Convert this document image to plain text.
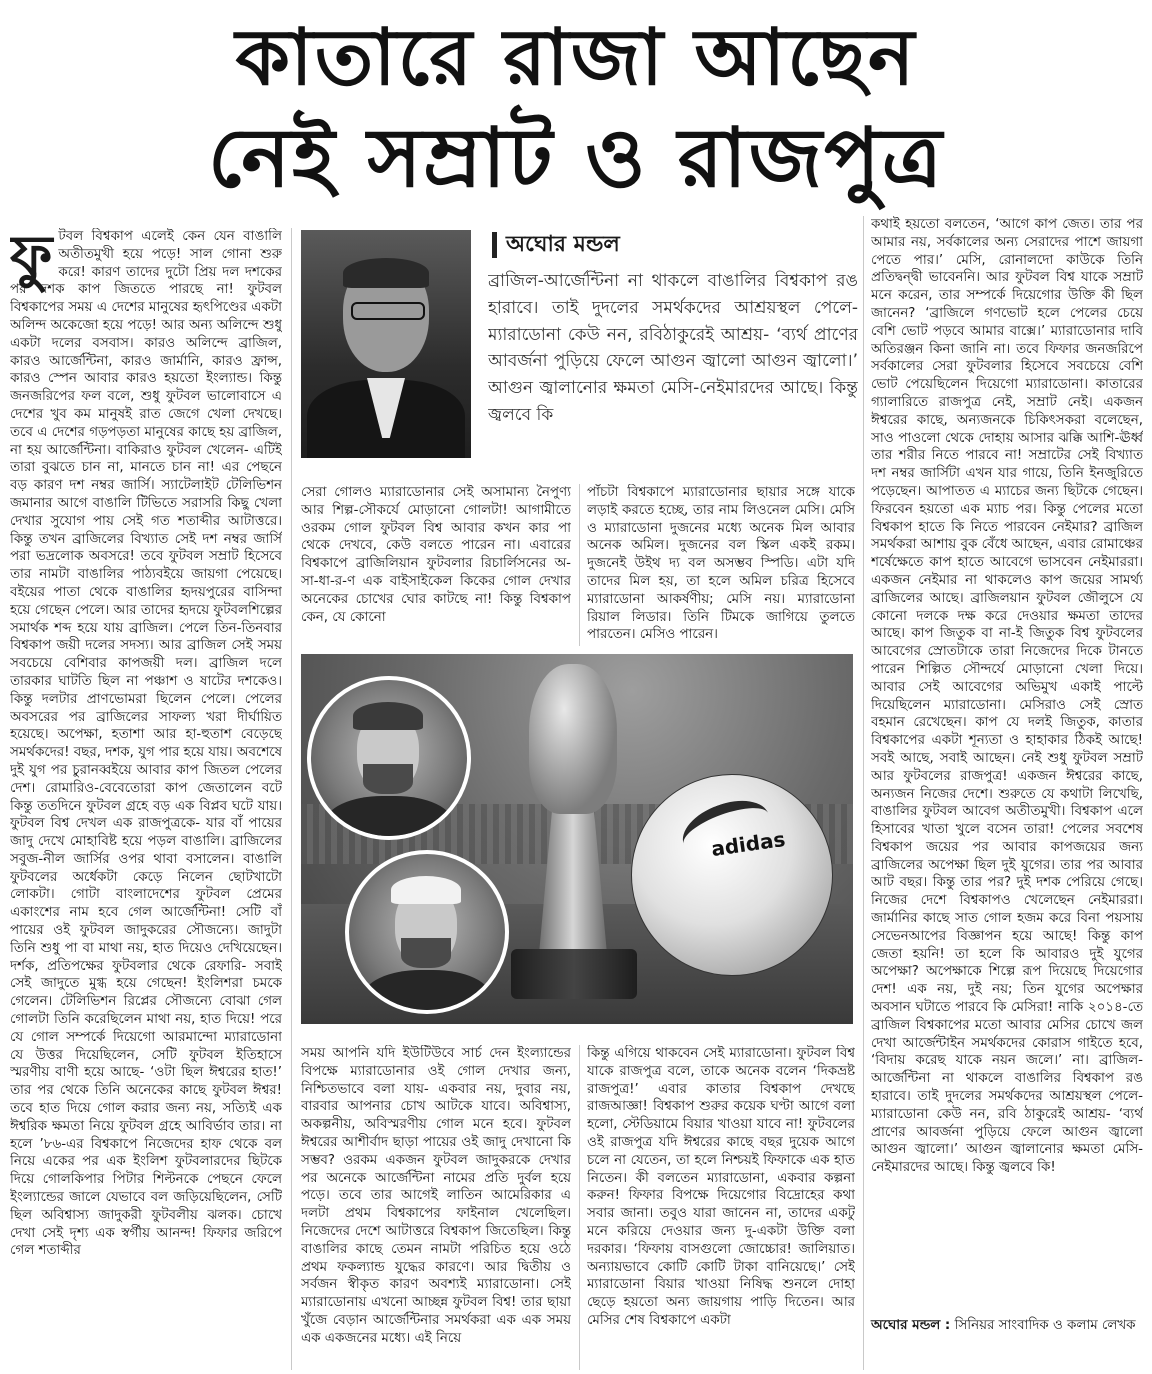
কাতারে রাজা আছেন
নেই সম্রাট ও রাজপুত্র
ফু টবল বিশ্বকাপ এলেই কেন যেন বাঙালি অতীতমুখী হয়ে পড়ে! সাল গোনা শুরু করে! কারণ তাদের দুটো প্রিয় দল দশকের পর দশক কাপ জিততে পারছে না! ফুটবল বিশ্বকাপের সময় এ দেশের মানুষের হৃৎপিণ্ডের একটা অলিন্দ অকেজো হয়ে পড়ে! আর অন্য অলিন্দে শুধু একটা দলের বসবাস। কারও অলিন্দে ব্রাজিল, কারও আর্জেন্টিনা, কারও জার্মানি, কারও ফ্রান্স, কারও স্পেন আবার কারও হয়তো ইংল্যান্ড। কিন্তু জনজরিপের ফল বলে, শুধু ফুটবল ভালোবাসে এ দেশের খুব কম মানুষই রাত জেগে খেলা দেখছে। তবে এ দেশের গড়পড়তা মানুষের কাছে হয় ব্রাজিল, না হয় আর্জেন্টিনা। বাকিরাও ফুটবল খেলেন- এটিই তারা বুঝতে চান না, মানতে চান না! এর পেছনে বড় কারণ দশ নম্বর জার্সি। স্যাটেলাইট টেলিভিশন জমানার আগে বাঙালি টিভিতে সরাসরি কিছু খেলা দেখার সুযোগ পায় সেই গত শতাব্দীর আটাত্তরে। কিন্তু তখন ব্রাজিলের বিখ্যাত সেই দশ নম্বর জার্সি পরা ভদ্রলোক অবসরে! তবে ফুটবল সম্রাট হিসেবে তার নামটা বাঙালির পাঠ্যবইয়ে জায়গা পেয়েছে। বইয়ের পাতা থেকে বাঙালির হৃদয়পুরের বাসিন্দা হয়ে গেছেন পেলে। আর তাদের হৃদয়ে ফুটবলশিল্পের সমার্থক শব্দ হয়ে যায় ব্রাজিল। পেলে তিন-তিনবার বিশ্বকাপ জয়ী দলের সদস্য। আর ব্রাজিল সেই সময় সবচেয়ে বেশিবার কাপজয়ী দল। ব্রাজিল দলে তারকার ঘাটতি ছিল না পঞ্চাশ ও ষাটের দশকেও। কিন্তু দলটার প্রাণভোমরা ছিলেন পেলে। পেলের অবসরের পর ব্রাজিলের সাফল্য খরা দীর্ঘায়িত হয়েছে। অপেক্ষা, হতাশা আর হা-হুতাশ বেড়েছে সমর্থকদের! বছর, দশক, যুগ পার হয়ে যায়। অবশেষে দুই যুগ পর চুরানব্বইয়ে আবার কাপ জিতল পেলের দেশ। রোমারিও-বেবেতোরা কাপ জেতালেন বটে কিন্তু ততদিনে ফুটবল গ্রহে বড় এক বিপ্লব ঘটে যায়। ফুটবল বিশ্ব দেখল এক রাজপুত্রকে- যার বাঁ পায়ের জাদু দেখে মোহাবিষ্ট হয়ে পড়ল বাঙালি। ব্রাজিলের সবুজ-নীল জার্সির ওপর থাবা বসালেন। বাঙালি ফুটবলের অর্ধেকটা কেড়ে নিলেন ছোটখাটো লোকটা। গোটা বাংলাদেশের ফুটবল প্রেমের একাংশের নাম হবে গেল আর্জেন্টিনা! সেটি বাঁ পায়ের ওই ফুটবল জাদুকরের সৌজন্যে। জাদুটা তিনি শুধু পা বা মাথা নয়, হাত দিয়েও দেখিয়েছেন। দর্শক, প্রতিপক্ষের ফুটবলার থেকে রেফারি- সবাই সেই জাদুতে মুগ্ধ হয়ে গেছেন! ইংলিশরা চমকে গেলেন। টেলিভিশন রিপ্লের সৌজন্যে বোঝা গেল গোলটা তিনি করেছিলেন মাথা নয়, হাত দিয়ে! পরে যে গোল সম্পর্কে দিয়েগো আরমান্দো ম্যারাডোনা যে উত্তর দিয়েছিলেন, সেটি ফুটবল ইতিহাসে স্মরণীয় বাণী হয়ে আছে- ‘ওটা ছিল ঈশ্বরের হাত!’ তার পর থেকে তিনি অনেকের কাছে ফুটবল ঈশ্বর! তবে হাত দিয়ে গোল করার জন্য নয়, সত্যিই এক ঈশ্বরিক ক্ষমতা নিয়ে ফুটবল গ্রহে আবির্ভাব তার। না হলে ’৮৬-এর বিশ্বকাপে নিজেদের হাফ থেকে বল নিয়ে একের পর এক ইংলিশ ফুটবলারদের ছিটকে দিয়ে গোলকিপার পিটার শিল্টনকে পেছনে ফেলে ইংল্যান্ডের জালে যেভাবে বল জড়িয়েছিলেন, সেটি ছিল অবিশ্বাস্য জাদুকরী ফুটবলীয় ঝলক। চোখে দেখা সেই দৃশ্য এক স্বর্গীয় আনন্দ! ফিফার জরিপে গেল শতাব্দীর
অঘোর মন্ডল
ব্রাজিল-আর্জেন্টিনা না থাকলে বাঙালির বিশ্বকাপ রঙ হারাবে। তাই দুদলের সমর্থকদের আশ্রয়স্থল পেলে-ম্যারাডোনা কেউ নন, রবিঠাকুরেই আশ্রয়- ‘ব্যর্থ প্রাণের আবর্জনা পুড়িয়ে ফেলে আগুন জ্বালো আগুন জ্বালো।’ আগুন জ্বালানোর ক্ষমতা মেসি-নেইমারদের আছে। কিন্তু জ্বলবে কি
সেরা গোলও ম্যারাডোনার সেই অসামান্য নৈপুণ্য আর শিল্প-সৌকর্যে মোড়ানো গোলটা! আগামীতে ওরকম গোল ফুটবল বিশ্ব আবার কখন কার পা থেকে দেখবে, কেউ বলতে পারেন না। এবারের বিশ্বকাপে ব্রাজিলিয়ান ফুটবলার রিচার্লিসনের অ-সা-ধা-র-ণ এক বাইসাইকেল কিকের গোল দেখার অনেকের চোখের ঘোর কাটছে না! কিন্তু বিশ্বকাপ কেন, যে কোনো
পাঁচটা বিশ্বকাপে ম্যারাডোনার ছায়ার সঙ্গে যাকে লড়াই করতে হচ্ছে, তার নাম লিওনেল মেসি। মেসি ও ম্যারাডোনা দুজনের মধ্যে অনেক মিল আবার অনেক অমিল। দুজনের বল স্কিল একই রকম। দুজনেই উইথ দ্য বল অসম্ভব স্পিডি। এটা যদি তাদের মিল হয়, তা হলে অমিল চরিত্র হিসেবে ম্যারাডোনা আকর্ষণীয়; মেসি নয়। ম্যারাডোনা রিয়াল লিডার। তিনি টিমকে জাগিয়ে তুলতে পারতেন। মেসিও পারেন।
adidas
সময় আপনি যদি ইউটিউবে সার্চ দেন ইংল্যান্ডের বিপক্ষে ম্যারাডোনার ওই গোল দেখার জন্য, নিশ্চিতভাবে বলা যায়- একবার নয়, দুবার নয়, বারবার আপনার চোখ আটকে যাবে। অবিশ্বাস্য, অকল্পনীয়, অবিস্মরণীয় গোল মনে হবে। ফুটবল ঈশ্বরের আশীর্বাদ ছাড়া পায়ের ওই জাদু দেখানো কি সম্ভব? ওরকম একজন ফুটবল জাদুকরকে দেখার পর অনেকে আর্জেন্টিনা নামের প্রতি দুর্বল হয়ে পড়ে। তবে তার আগেই লাতিন আমেরিকার এ দলটা প্রথম বিশ্বকাপের ফাইনাল খেলেছিল। নিজেদের দেশে আটাত্তরে বিশ্বকাপ জিতেছিল। কিন্তু বাঙালির কাছে তেমন নামটা পরিচিত হয়ে ওঠে প্রথম ফকল্যান্ড যুদ্ধের কারণে। আর দ্বিতীয় ও সর্বজন স্বীকৃত কারণ অবশ্যই ম্যারাডোনা। সেই ম্যারাডোনায় এখনো আচ্ছন্ন ফুটবল বিশ্ব! তার ছায়া খুঁজে বেড়ান আর্জেন্টিনার সমর্থকরা এক এক সময় এক একজনের মধ্যে। এই নিয়ে
কিন্তু এগিয়ে থাকবেন সেই ম্যারাডোনা। ফুটবল বিশ্ব যাকে রাজপুত্র বলে, তাকে অনেক বলেন ‘দিকভ্রষ্ট রাজপুত্র!’ এবার কাতার বিশ্বকাপ দেখছে রাজআজ্ঞা! বিশ্বকাপ শুরুর কয়েক ঘণ্টা আগে বলা হলো, স্টেডিয়ামে বিয়ার খাওয়া যাবে না! ফুটবলের ওই রাজপুত্র যদি ঈশ্বরের কাছে বছর দুয়েক আগে চলে না যেতেন, তা হলে নিশ্চয়ই ফিফাকে এক হাত নিতেন। কী বলতেন ম্যারাডোনা, একবার কল্পনা করুন! ফিফার বিপক্ষে দিয়েগোর বিদ্রোহের কথা সবার জানা। তবুও যারা জানেন না, তাদের একটু মনে করিয়ে দেওয়ার জন্য দু-একটা উক্তি বলা দরকার। ‘ফিফায় বাসগুলো জোচ্চোর! জালিয়াত। অন্যায়ভাবে কোটি কোটি টাকা বানিয়েছে।’ সেই ম্যারাডোনা বিয়ার খাওয়া নিষিদ্ধ শুনলে দোহা ছেড়ে হয়তো অন্য জায়গায় পাড়ি দিতেন। আর মেসির শেষ বিশ্বকাপে একটা
কথাই হয়তো বলতেন, ‘আগে কাপ জেত। তার পর আমার নয়, সর্বকালের অন্য সেরাদের পাশে জায়গা পেতে পার।’ মেসি, রোনালদো কাউকে তিনি প্রতিদ্বন্দ্বী ভাবেননি। আর ফুটবল বিশ্ব যাকে সম্রাট মনে করেন, তার সম্পর্কে দিয়েগোর উক্তি কী ছিল জানেন? ‘ব্রাজিলে গণভোট হলে পেলের চেয়ে বেশি ভোট পড়বে আমার বাক্সে।’ ম্যারাডোনার দাবি অতিরঞ্জন কিনা জানি না। তবে ফিফার জনজরিপে সর্বকালের সেরা ফুটবলার হিসেবে সবচেয়ে বেশি ভোট পেয়েছিলেন দিয়েগো ম্যারাডোনা। কাতারের গ্যালারিতে রাজপুত্র নেই, সম্রাট নেই। একজন ঈশ্বরের কাছে, অন্যজনকে চিকিৎসকরা বলেছেন, সাও পাওলো থেকে দোহায় আসার ঝক্কি আশি-ঊর্ধ্ব তার শরীর নিতে পারবে না! সম্রাটের সেই বিখ্যাত দশ নম্বর জার্সিটা এখন যার গায়ে, তিনি ইনজুরিতে পড়েছেন। আপাতত এ ম্যাচের জন্য ছিটকে গেছেন। ফিরবেন হয়তো এক ম্যাচ পর। কিন্তু পেলের মতো বিশ্বকাপ হাতে কি নিতে পারবেন নেইমার? ব্রাজিল সমর্থকরা আশায় বুক বেঁধে আছেন, এবার রোমাঞ্চের শর্ষেক্ষেতে কাপ হাতে আবেগে ভাসবেন নেইমাররা। একজন নেইমার না থাকলেও কাপ জয়ের সামর্থ্য ব্রাজিলের আছে। ব্রাজিলয়ান ফুটবল জৌলুসে যে কোনো দলকে দক্ষ করে দেওয়ার ক্ষমতা তাদের আছে। কাপ জিতুক বা না-ই জিতুক বিশ্ব ফুটবলের আবেগের স্রোতটাকে তারা নিজেদের দিকে টানতে পারেন শিল্পিত সৌন্দর্যে মোড়ানো খেলা দিয়ে। আবার সেই আবেগের অভিমুখ একাই পাল্টে দিয়েছিলেন ম্যারাডোনা। মেসিরাও সেই স্রোত বহমান রেখেছেন। কাপ যে দলই জিতুক, কাতার বিশ্বকাপের একটা শূন্যতা ও হাহাকার ঠিকই আছে! সবই আছে, সবাই আছেন। নেই শুধু ফুটবল সম্রাট আর ফুটবলের রাজপুত্র! একজন ঈশ্বরের কাছে, অন্যজন নিজের দেশে। শুরুতে যে কথাটা লিখেছি, বাঙালির ফুটবল আবেগ অতীতমুখী। বিশ্বকাপ এলে হিসাবের খাতা খুলে বসেন তারা! পেলের সবশেষ বিশ্বকাপ জয়ের পর আবার কাপজয়ের জন্য ব্রাজিলের অপেক্ষা ছিল দুই যুগের। তার পর আবার আট বছর। কিন্তু তার পর? দুই দশক পেরিয়ে গেছে। নিজের দেশে বিশ্বকাপও খেলেছেন নেইমাররা। জার্মানির কাছে সাত গোল হজম করে বিনা পয়সায় সেভেনআপের বিজ্ঞাপন হয়ে আছে! কিন্তু কাপ জেতা হয়নি! তা হলে কি আবারও দুই যুগের অপেক্ষা? অপেক্ষাকে শিল্পে রূপ দিয়েছে দিয়েগোর দেশ! এক নয়, দুই নয়; তিন যুগের অপেক্ষার অবসান ঘটাতে পারবে কি মেসিরা! নাকি ২০১৪-তে ব্রাজিল বিশ্বকাপের মতো আবার মেসির চোখে জল দেখা আর্জেন্টাইন সমর্থকদের কোরাস গাইতে হবে, ‘বিদায় করেছ যাকে নয়ন জলে।’ না। ব্রাজিল-আর্জেন্টিনা না থাকলে বাঙালির বিশ্বকাপ রঙ হারাবে। তাই দুদলের সমর্থকদের আশ্রয়স্থল পেলে-ম্যারাডোনা কেউ নন, রবি ঠাকুরেই আশ্রয়- ‘ব্যর্থ প্রাণের আবর্জনা পুড়িয়ে ফেলে আগুন জ্বালো আগুন জ্বালো।’ আগুন জ্বালানোর ক্ষমতা মেসি-নেইমারদের আছে। কিন্তু জ্বলবে কি!
অঘোর মন্ডল : সিনিয়র সাংবাদিক ও কলাম লেখক
